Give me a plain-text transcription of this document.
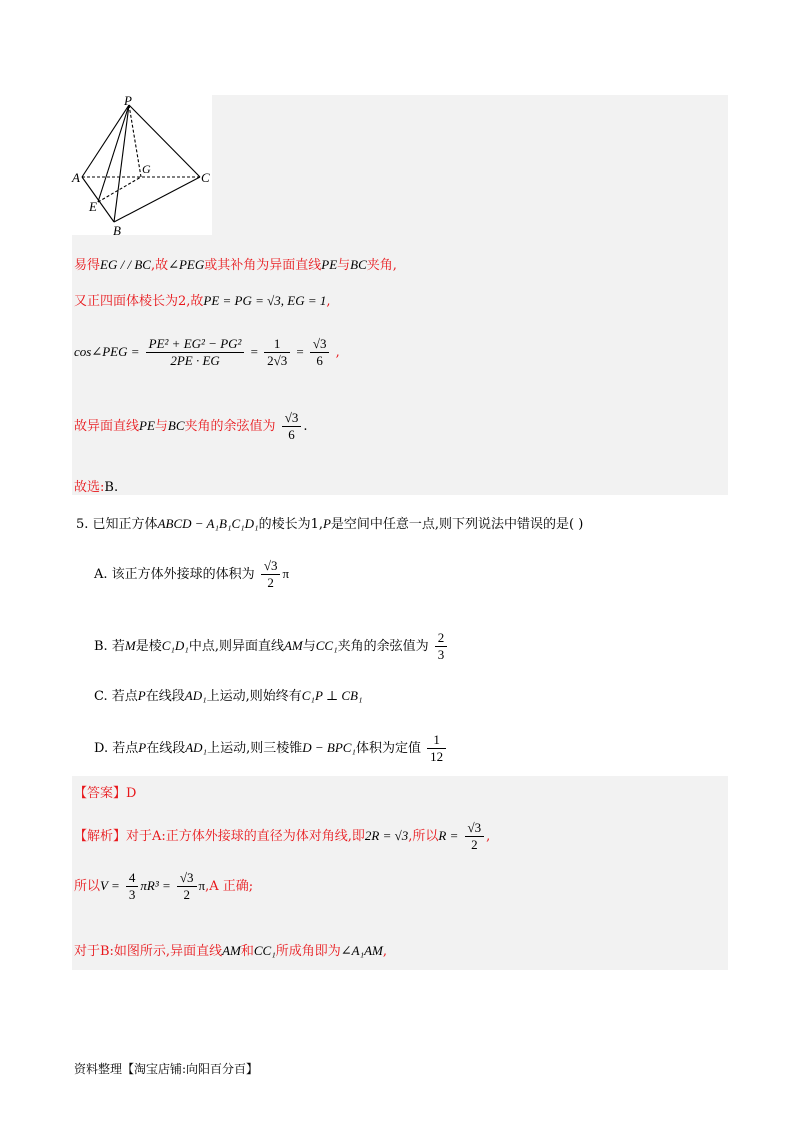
P
A
G
C
E
B
易得EG / / BC,故∠PEG或其补角为异面直线PE与BC夹角,
又正四面体棱长为2,故PE = PG = √3, EG = 1,
cos∠PEG = $\frac{\text{PE² + EG² − PG²}}{2PE \cdot EG} = \frac{1}{2√3} = \frac{√3}{6}$ ,
故异面直线PE与BC夹角的余弦值为 $\frac{√3}{6}$ .
故选:B.
5. 已知正方体ABCD − A₁B₁C₁D₁的棱长为1,P是空间中任意一点,则下列说法中错误的是( )
A. 该正方体外接球的体积为 $\frac{√3}{2}$ π
B. 若M是棱C₁D₁中点,则异面直线AM与CC₁夹角的余弦值为 $\frac{2}{3}$
C. 若点P在线段AD₁上运动,则始终有C₁P ⊥ CB₁
D. 若点P在线段AD₁上运动,则三棱锥D − BPC₁体积为定值 $\frac{1}{12}$
【答案】D
【解析】对于A:正方体外接球的直径为体对角线,即2R = √3,所以$R = \frac{√3}{2}$ ,
所以$V = \frac{4}{3} \pi R^3 = \frac{√3}{2} \pi,A$ 正确;
对于B:如图所示,异面直线AM和CC₁所成角即为∠A₁AM,
资料整理【淘宝店铺:向阳百分百】
